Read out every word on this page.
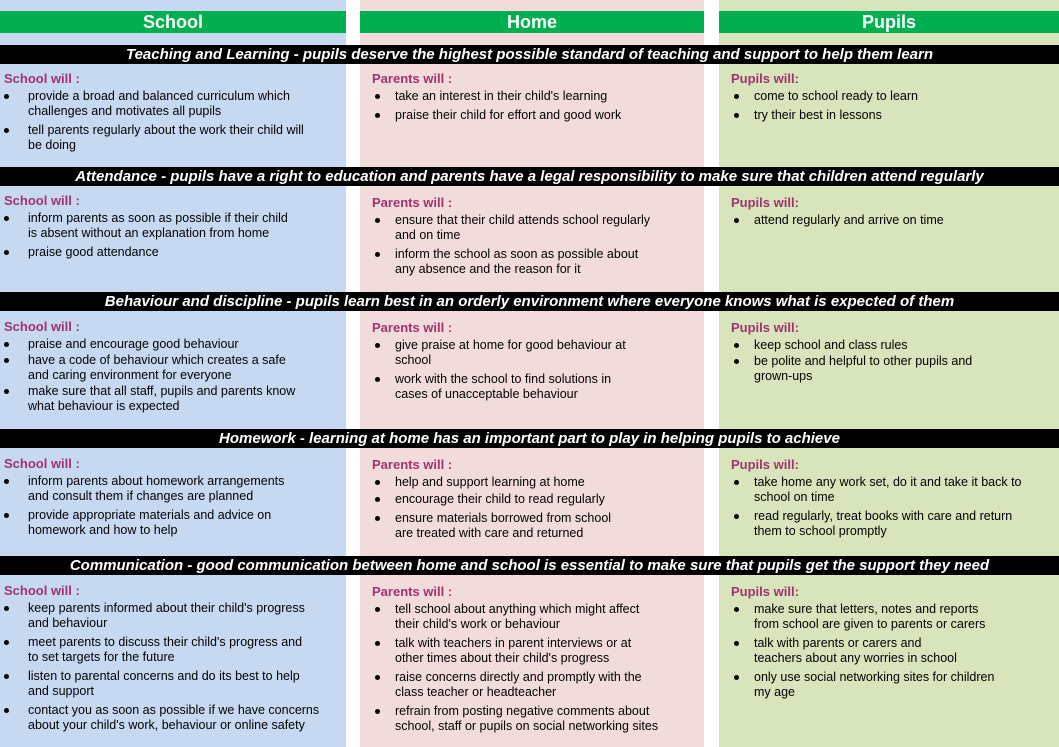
School	Home	Pupils
Teaching and Learning - pupils deserve the highest possible standard of teaching and support to help them learn
School will :
provide a broad and balanced curriculum which
challenges and motivates all pupils
tell parents regularly about the work their child will
be doing
Parents will :
take an interest in their child's learning
praise their child for effort and good work
Pupils will:
come to school ready to learn
try their best in lessons
Attendance - pupils have a right to education and parents have a legal responsibility to make sure that children attend regularly
School will :
inform parents as soon as possible if their child
is absent without an explanation from home
praise good attendance
Parents will :
ensure that their child attends school regularly
and on time
inform the school as soon as possible about
any absence and the reason for it
Pupils will:
attend regularly and arrive on time
Behaviour and discipline - pupils learn best in an orderly environment where everyone knows what is expected of them
School will :
praise and encourage good behaviour
have a code of behaviour which creates a safe
and caring environment for everyone
make sure that all staff, pupils and parents know
what behaviour is expected
Parents will :
give praise at home for good behaviour at
school
work with the school to find solutions in
cases of unacceptable behaviour
Pupils will:
keep school and class rules
be polite and helpful to other pupils and
grown-ups
Homework - learning at home has an important part to play in helping pupils to achieve
School will :
inform parents about homework arrangements
and consult them if changes are planned
provide appropriate materials and advice on
homework and how to help
Parents will :
help and support learning at home
encourage their child to read regularly
ensure materials borrowed from school
are treated with care and returned
Pupils will:
take home any work set, do it and take it back to
school on time
read regularly, treat books with care and return
them to school promptly
Communication - good communication between home and school is essential to make sure that pupils get the support they need
School will :
keep parents informed about their child's progress
and behaviour
meet parents to discuss their child's progress and
to set targets for the future
listen to parental concerns and do its best to help
and support
contact you as soon as possible if we have concerns
about your child's work, behaviour or online safety
Parents will :
tell school about anything which might affect
their child's work or behaviour
talk with teachers in parent interviews or at
other times about their child's progress
raise concerns directly and promptly with the
class teacher or headteacher
refrain from posting negative comments about
school, staff or pupils on social networking sites
Pupils will:
make sure that letters, notes and reports
from school are given to parents or carers
talk with parents or carers and
teachers about any worries in school
only use social networking sites for children
my age
